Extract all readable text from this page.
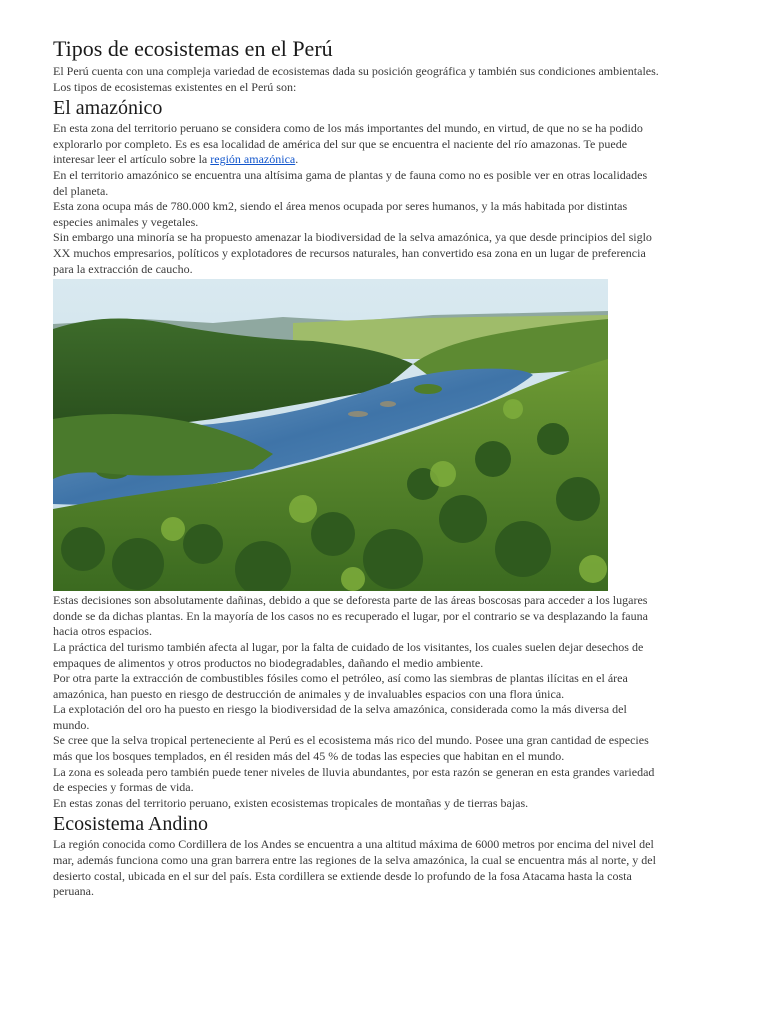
Tipos de ecosistemas en el Perú

El Perú cuenta con una compleja variedad de ecosistemas dada su posición geográfica y también sus condiciones ambientales. Los tipos de ecosistemas existentes en el Perú son:

El amazónico

En esta zona del territorio peruano se considera como de los más importantes del mundo, en virtud, de que no se ha podido explorarlo por completo. Es es esa localidad de américa del sur que se encuentra el naciente del río amazonas. Te puede interesar leer el artículo sobre la región amazónica.

En el territorio amazónico se encuentra una altísima gama de plantas y de fauna como no es posible ver en otras localidades del planeta.

Esta zona ocupa más de 780.000 km2, siendo el área menos ocupada por seres humanos, y la más habitada por distintas especies animales y vegetales.

Sin embargo una minoría se ha propuesto amenazar la biodiversidad de la selva amazónica, ya que desde principios del siglo XX muchos empresarios, políticos y explotadores de recursos naturales, han convertido esa zona en un lugar de preferencia para la extracción de caucho.

Estas decisiones son absolutamente dañinas, debido a que se deforesta parte de las áreas boscosas para acceder a los lugares donde se da dichas plantas. En la mayoría de los casos no es recuperado el lugar, por el contrario se va desplazando la fauna hacia otros espacios.

La práctica del turismo también afecta al lugar, por la falta de cuidado de los visitantes, los cuales suelen dejar desechos de empaques de alimentos y otros productos no biodegradables, dañando el medio ambiente.

Por otra parte la extracción de combustibles fósiles como el petróleo, así como las siembras de plantas ilícitas en el área amazónica, han puesto en riesgo de destrucción de animales y de invaluables espacios con una flora única.

La explotación del oro ha puesto en riesgo la biodiversidad de la selva amazónica, considerada como la más diversa del mundo.

Se cree que la selva tropical perteneciente al Perú es el ecosistema más rico del mundo. Posee una gran cantidad de especies más que los bosques templados, en él residen más del 45 % de todas las especies que habitan en el mundo.

La zona es soleada pero también puede tener niveles de lluvia abundantes, por esta razón se generan en esta grandes variedad de especies y formas de vida.

En estas zonas del territorio peruano, existen ecosistemas tropicales de montañas y de tierras bajas.

Ecosistema Andino

La región conocida como Cordillera de los Andes se encuentra a una altitud máxima de 6000 metros por encima del nivel del mar, además funciona como una gran barrera entre las regiones de la selva amazónica, la cual se encuentra más al norte, y del desierto costal, ubicada en el sur del país. Esta cordillera se extiende desde lo profundo de la fosa Atacama hasta la costa peruana.
